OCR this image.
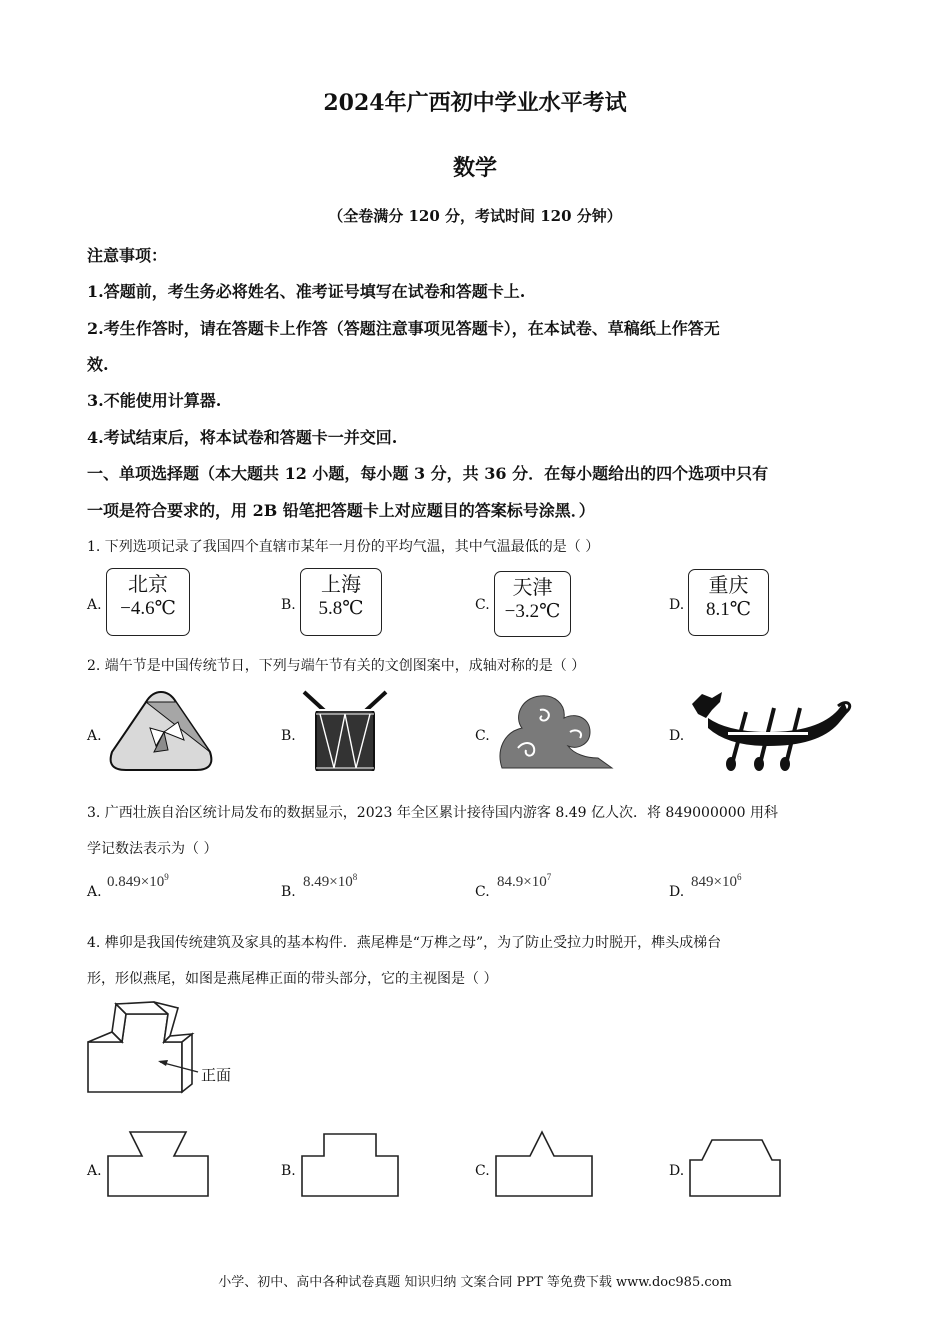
2024年广西初中学业水平考试
数学
（全卷满分 120 分，考试时间 120 分钟）
注意事项：
1.答题前，考生务必将姓名、准考证号填写在试卷和答题卡上.
2.考生作答时，请在答题卡上作答（答题注意事项见答题卡），在本试卷、草稿纸上作答无
效.
3.不能使用计算器.
4.考试结束后，将本试卷和答题卡一并交回.
一、单项选择题（本大题共 12 小题，每小题 3 分，共 36 分．在每小题给出的四个选项中只有
一项是符合要求的，用 2B 铅笔把答题卡上对应题目的答案标号涂黑．）
1. 下列选项记录了我国四个直辖市某年一月份的平均气温，其中气温最低的是（ ）
A.
北京
−4.6℃	B.
上海
5.8℃	C.
天津
−3.2℃	D.
重庆
8.1℃
2. 端午节是中国传统节日，下列与端午节有关的文创图案中，成轴对称的是（ ）
A.	B.	C.	D.
3. 广西壮族自治区统计局发布的数据显示，2023 年全区累计接待国内游客 8.49 亿人次．将 849000000 用科
学记数法表示为（ ）
A.
$0.849\times 10^9$
B.
$8.49\times 10^8$
C.
$84.9\times 10^7$
D.
$849\times 10^6$
4. 榫卯是我国传统建筑及家具的基本构件．燕尾榫是“万榫之母”，为了防止受拉力时脱开，榫头成梯台
形，形似燕尾，如图是燕尾榫正面的带头部分，它的主视图是（ ）
正面
A.	B.	C.	D.
小学、初中、高中各种试卷真题 知识归纳 文案合同 PPT 等免费下载 www.doc985.com
